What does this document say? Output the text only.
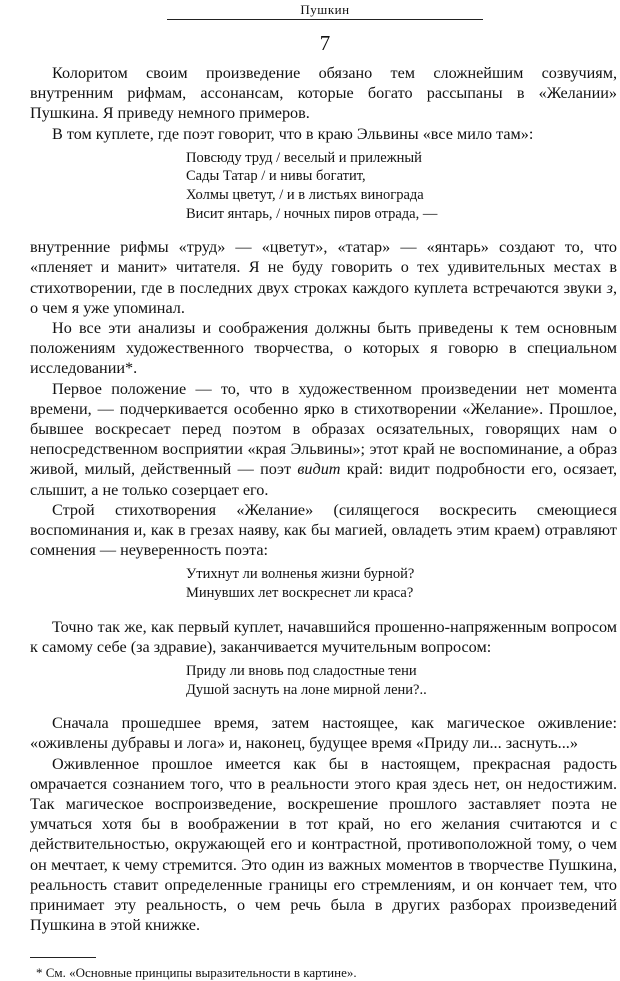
Пушкин
7

Колоритом своим произведение обязано тем сложнейшим созвучиям, внутренним рифмам, ассонансам, которые богато рассыпаны в «Желании» Пушкина. Я приведу немного примеров.

В том куплете, где поэт говорит, что в краю Эльвины «все мило там»:

Повсюду труд / веселый и прилежный
Сады Татар / и нивы богатит,
Холмы цветут, / и в листьях винограда
Висит янтарь, / ночных пиров отрада, —

внутренние рифмы «труд» — «цветут», «татар» — «янтарь» создают то, что «пленяет и манит» читателя. Я не буду говорить о тех удивительных местах в стихотворении, где в последних двух строках каждого куплета встречаются звуки з, о чем я уже упоминал.

Но все эти анализы и соображения должны быть приведены к тем основным положениям художественного творчества, о которых я говорю в специальном исследовании*.

Первое положение — то, что в художественном произведении нет момента времени, — подчеркивается особенно ярко в стихотворении «Желание». Прошлое, бывшее воскресает перед поэтом в образах осязательных, говорящих нам о непосредственном восприятии «края Эльвины»; этот край не воспоминание, а образ живой, милый, действенный — поэт видит край: видит подробности его, осязает, слышит, а не только созерцает его.

Строй стихотворения «Желание» (силящегося воскресить смеющиеся воспоминания и, как в грезах наяву, как бы магией, овладеть этим краем) отравляют сомнения — неуверенность поэта:

Утихнут ли волненья жизни бурной?
Минувших лет воскреснет ли краса?

Точно так же, как первый куплет, начавшийся прошенно-напряженным вопросом к самому себе (за здравие), заканчивается мучительным вопросом:

Приду ли вновь под сладостные тени
Душой заснуть на лоне мирной лени?..

Сначала прошедшее время, затем настоящее, как магическое оживление: «оживлены дубравы и лога» и, наконец, будущее время «Приду ли... заснуть...»

Оживленное прошлое имеется как бы в настоящем, прекрасная радость омрачается сознанием того, что в реальности этого края здесь нет, он недостижим. Так магическое воспроизведение, воскрешение прошлого заставляет поэта не умчаться хотя бы в воображении в тот край, но его желания считаются и с действительностью, окружающей его и контрастной, противоположной тому, о чем он мечтает, к чему стремится. Это один из важных моментов в творчестве Пушкина, реальность ставит определенные границы его стремлениям, и он кончает тем, что принимает эту реальность, о чем речь была в других разборах произведений Пушкина в этой книжке.

* См. «Основные принципы выразительности в картине».
